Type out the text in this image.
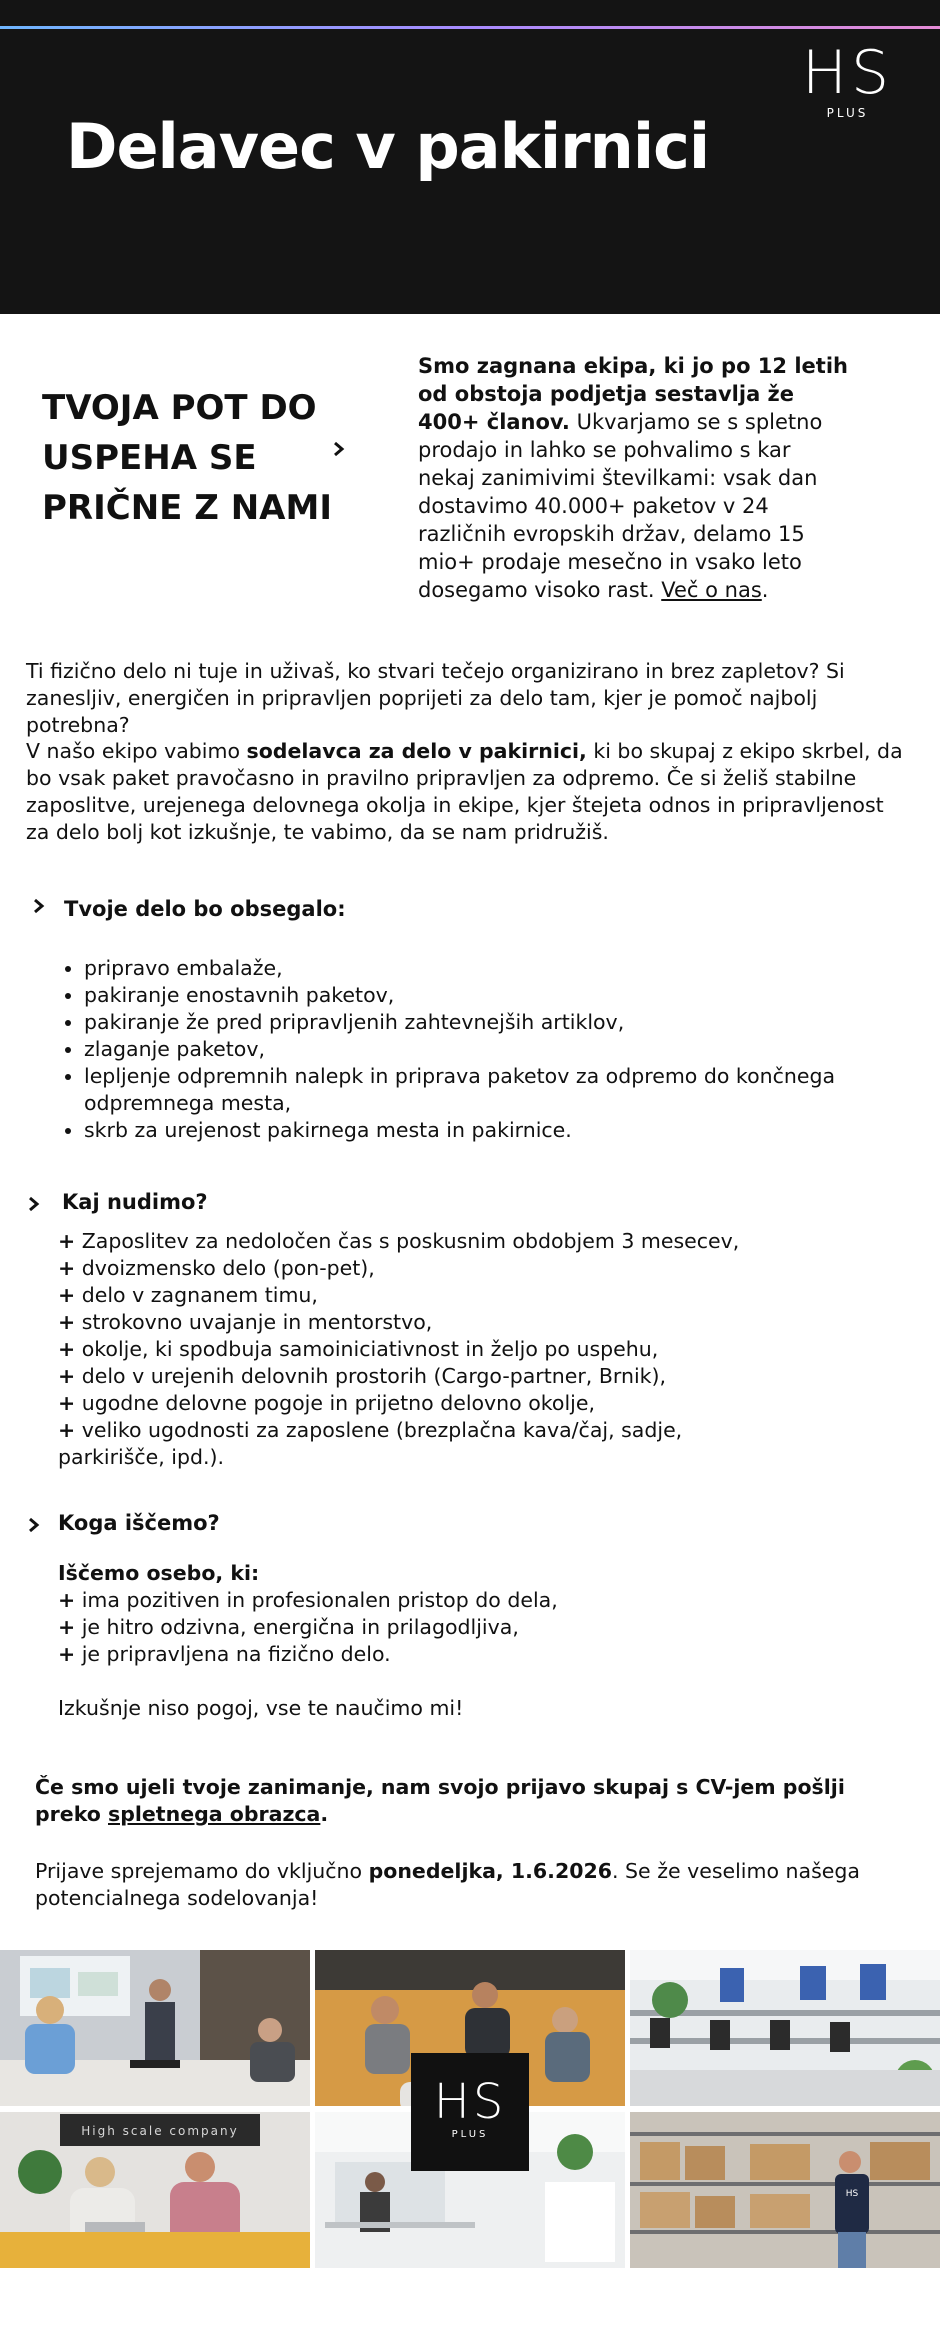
HS
PLUS
Delavec v pakirnici
TVOJA POT DO
USPEHA SE
PRIČNE Z NAMI
Smo zagnana ekipa, ki jo po 12 letih od obstoja podjetja sestavlja že 400+ članov. Ukvarjamo se s spletno prodajo in lahko se pohvalimo s kar nekaj zanimivimi številkami: vsak dan dostavimo 40.000+ paketov v 24 različnih evropskih držav, delamo 15 mio+ prodaje mesečno in vsako leto dosegamo visoko rast. Več o nas.

Ti fizično delo ni tuje in uživaš, ko stvari tečejo organizirano in brez zapletov? Si zanesljiv, energičen in pripravljen poprijeti za delo tam, kjer je pomoč najbolj potrebna?

V našo ekipo vabimo sodelavca za delo v pakirnici, ki bo skupaj z ekipo skrbel, da bo vsak paket pravočasno in pravilno pripravljen za odpremo. Če si želiš stabilne zaposlitve, urejenega delovnega okolja in ekipe, kjer štejeta odnos in pripravljenost za delo bolj kot izkušnje, te vabimo, da se nam pridružiš.

Tvoje delo bo obsegalo:
• pripravo embalaže,
• pakiranje enostavnih paketov,
• pakiranje že pred pripravljenih zahtevnejših artiklov,
• zlaganje paketov,
• lepljenje odpremnih nalepk in priprava paketov za odpremo do končnega odpremnega mesta,
• skrb za urejenost pakirnega mesta in pakirnice.
Kaj nudimo?
+ Zaposlitev za nedoločen čas s poskusnim obdobjem 3 mesecev,
+ dvoizmensko delo (pon-pet),
+ delo v zagnanem timu,
+ strokovno uvajanje in mentorstvo,
+ okolje, ki spodbuja samoiniciativnost in željo po uspehu,
+ delo v urejenih delovnih prostorih (Cargo-partner, Brnik),
+ ugodne delovne pogoje in prijetno delovno okolje,
+ veliko ugodnosti za zaposlene (brezplačna kava/čaj, sadje, parkirišče, ipd.).
Koga iščemo?
Iščemo osebo, ki:
+ ima pozitiven in profesionalen pristop do dela,
+ je hitro odzivna, energična in prilagodljiva,
+ je pripravljena na fizično delo.
Izkušnje niso pogoj, vse te naučimo mi!

Če smo ujeli tvoje zanimanje, nam svojo prijavo skupaj s CV-jem pošlji preko spletnega obrazca.

Prijave sprejemamo do vključno ponedeljka, 1.6.2026. Se že veselimo našega potencialnega sodelovanja!

High scale company
HS
HS
PLUS
